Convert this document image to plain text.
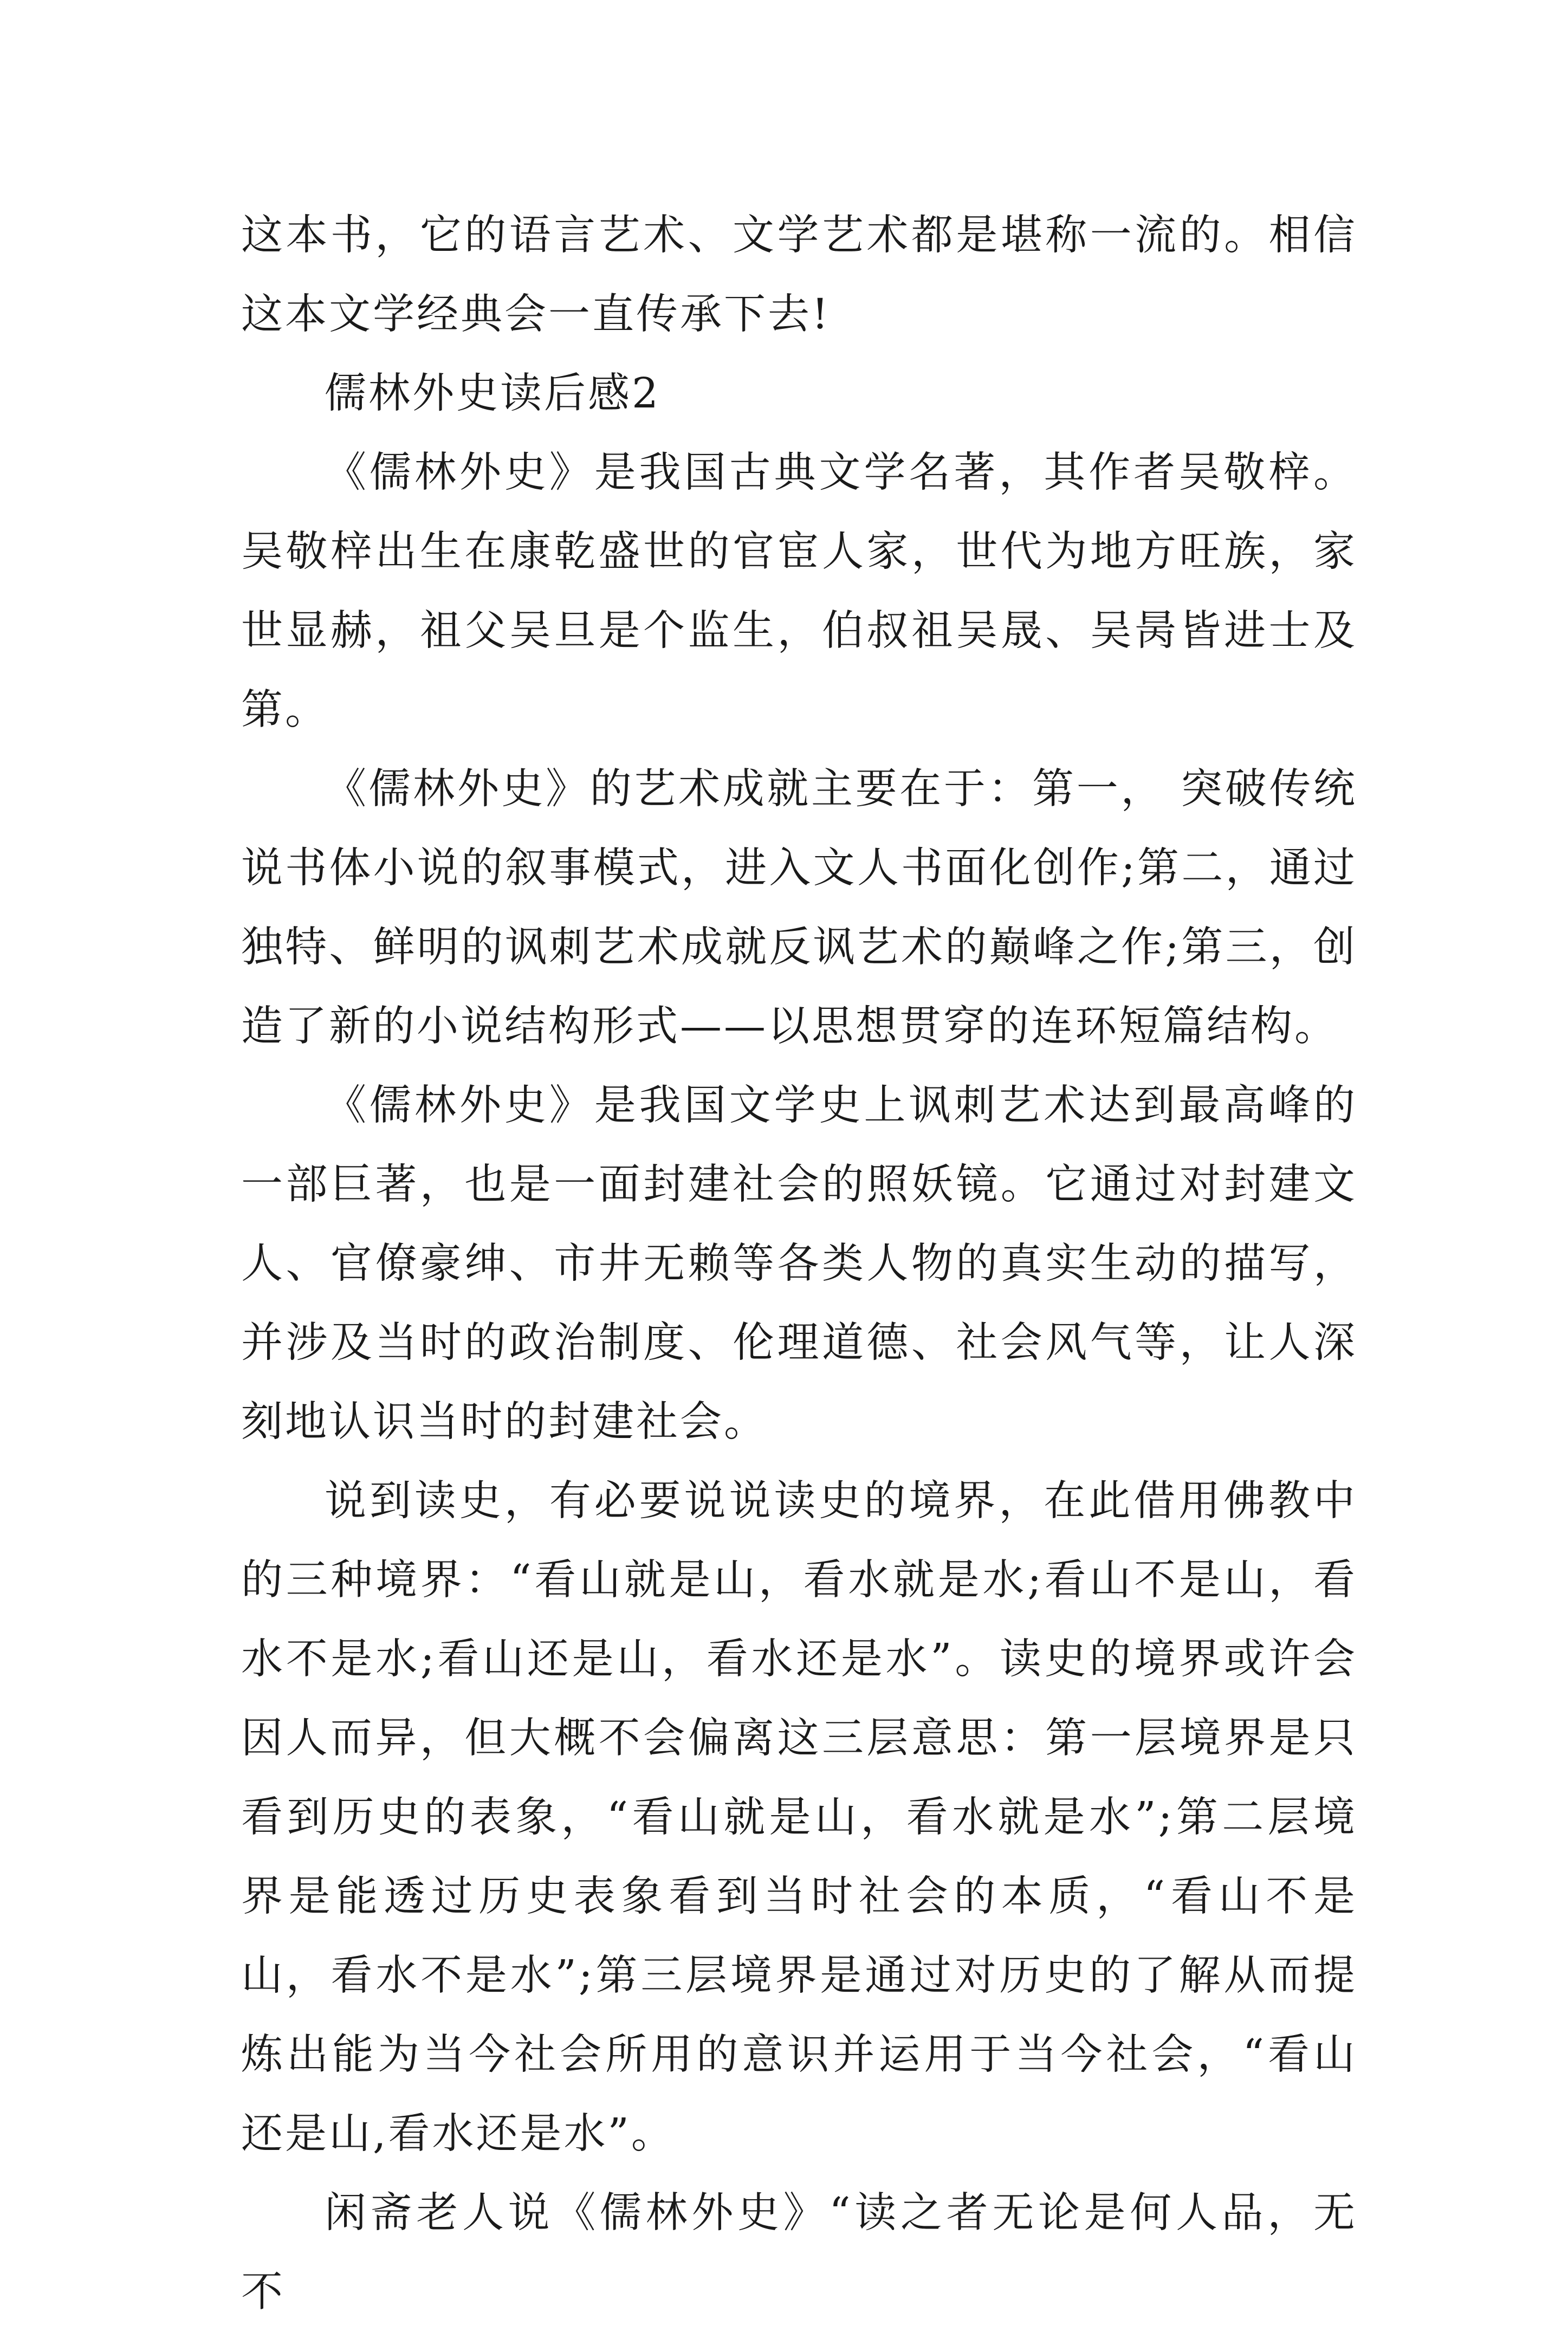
这本书，它的语言艺术、文学艺术都是堪称一流的。相信这本文学经典会一直传承下去!

儒林外史读后感2

《儒林外史》是我国古典文学名著，其作者吴敬梓。吴敬梓出生在康乾盛世的官宦人家，世代为地方旺族，家世显赫，祖父吴旦是个监生，伯叔祖吴晟、吴昺皆进士及第。

《儒林外史》的艺术成就主要在于：第一， 突破传统说书体小说的叙事模式，进入文人书面化创作;第二，通过独特、鲜明的讽刺艺术成就反讽艺术的巅峰之作;第三，创造了新的小说结构形式——以思想贯穿的连环短篇结构。

《儒林外史》是我国文学史上讽刺艺术达到最高峰的一部巨著，也是一面封建社会的照妖镜。它通过对封建文人、官僚豪绅、市井无赖等各类人物的真实生动的描写，并涉及当时的政治制度、伦理道德、社会风气等，让人深刻地认识当时的封建社会。

说到读史，有必要说说读史的境界，在此借用佛教中的三种境界：“看山就是山，看水就是水;看山不是山，看水不是水;看山还是山，看水还是水”。读史的境界或许会因人而异，但大概不会偏离这三层意思：第一层境界是只看到历史的表象，“看山就是山，看水就是水”;第二层境界是能透过历史表象看到当时社会的本质，“看山不是山，看水不是水”;第三层境界是通过对历史的了解从而提炼出能为当今社会所用的意识并运用于当今社会，“看山还是山,看水还是水”。

闲斋老人说《儒林外史》“读之者无论是何人品，无不
